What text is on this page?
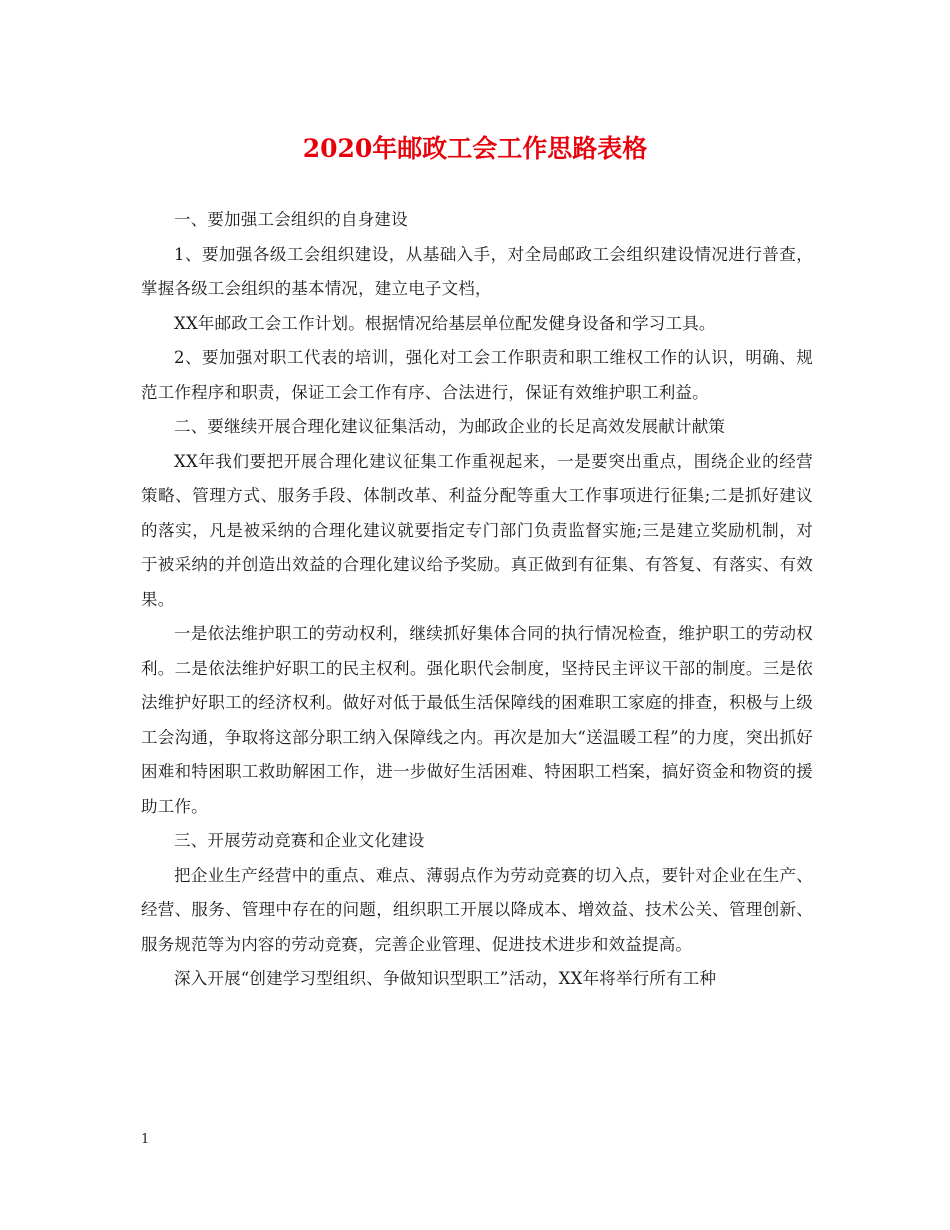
2020年邮政工会工作思路表格

一、要加强工会组织的自身建设

1、要加强各级工会组织建设，从基础入手，对全局邮政工会组织建设情况进行普查，掌握各级工会组织的基本情况，建立电子文档，

XX年邮政工会工作计划。根据情况给基层单位配发健身设备和学习工具。

2、要加强对职工代表的培训，强化对工会工作职责和职工维权工作的认识，明确、规范工作程序和职责，保证工会工作有序、合法进行，保证有效维护职工利益。

二、要继续开展合理化建议征集活动，为邮政企业的长足高效发展献计献策

XX年我们要把开展合理化建议征集工作重视起来，一是要突出重点，围绕企业的经营策略、管理方式、服务手段、体制改革、利益分配等重大工作事项进行征集;二是抓好建议的落实，凡是被采纳的合理化建议就要指定专门部门负责监督实施;三是建立奖励机制，对于被采纳的并创造出效益的合理化建议给予奖励。真正做到有征集、有答复、有落实、有效果。

一是依法维护职工的劳动权利，继续抓好集体合同的执行情况检查，维护职工的劳动权利。二是依法维护好职工的民主权利。强化职代会制度，坚持民主评议干部的制度。三是依法维护好职工的经济权利。做好对低于最低生活保障线的困难职工家庭的排查，积极与上级工会沟通，争取将这部分职工纳入保障线之内。再次是加大“送温暖工程”的力度，突出抓好困难和特困职工救助解困工作，进一步做好生活困难、特困职工档案，搞好资金和物资的援助工作。

三、开展劳动竞赛和企业文化建设

把企业生产经营中的重点、难点、薄弱点作为劳动竞赛的切入点，要针对企业在生产、经营、服务、管理中存在的问题，组织职工开展以降成本、增效益、技术公关、管理创新、服务规范等为内容的劳动竞赛，完善企业管理、促进技术进步和效益提高。

深入开展“创建学习型组织、争做知识型职工”活动，XX年将举行所有工种

1
